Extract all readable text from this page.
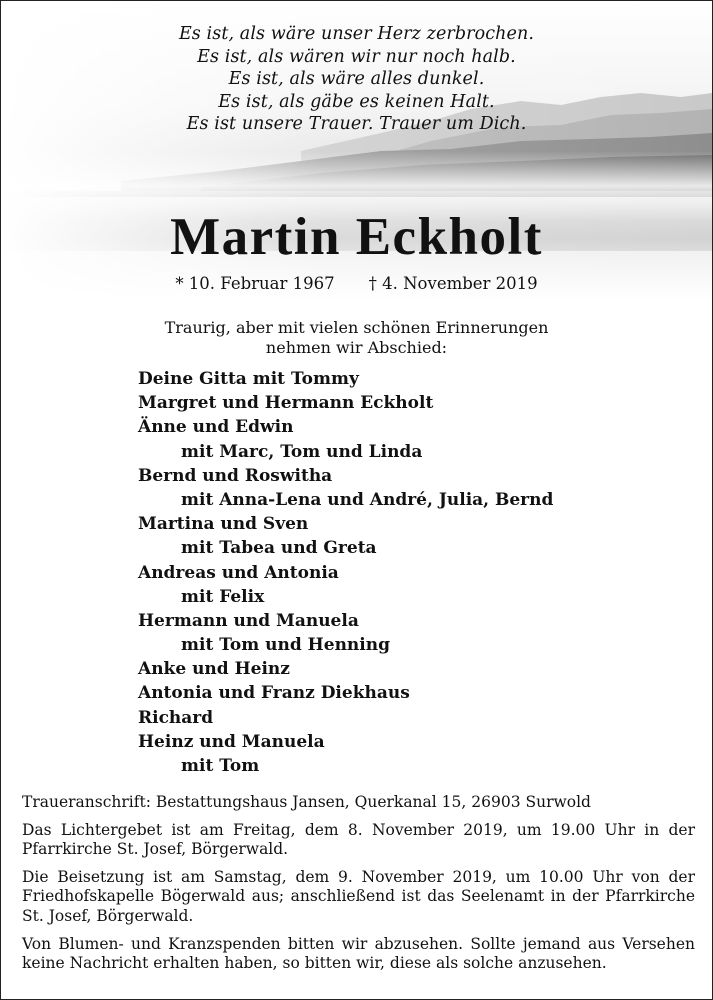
Es ist, als wäre unser Herz zerbrochen.
Es ist, als wären wir nur noch halb.
Es ist, als wäre alles dunkel.
Es ist, als gäbe es keinen Halt.
Es ist unsere Trauer. Trauer um Dich.
Martin Eckholt
* 10. Februar 1967 † 4. November 2019
Traurig, aber mit vielen schönen Erinnerungen
nehmen wir Abschied:
Deine Gitta mit Tommy
Margret und Hermann Eckholt
Änne und Edwin
mit Marc, Tom und Linda
Bernd und Roswitha
mit Anna-Lena und André, Julia, Bernd
Martina und Sven
mit Tabea und Greta
Andreas und Antonia
mit Felix
Hermann und Manuela
mit Tom und Henning
Anke und Heinz
Antonia und Franz Diekhaus
Richard
Heinz und Manuela
mit Tom

Traueranschrift: Bestattungshaus Jansen, Querkanal 15, 26903 Surwold

Das Lichtergebet ist am Freitag, dem 8. November 2019, um 19.00 Uhr in der Pfarrkirche St. Josef, Börgerwald.

Die Beisetzung ist am Samstag, dem 9. November 2019, um 10.00 Uhr von der Friedhofskapelle Bögerwald aus; anschließend ist das Seelenamt in der Pfarrkirche St. Josef, Börgerwald.

Von Blumen- und Kranzspenden bitten wir abzusehen. Sollte jemand aus Versehen keine Nachricht erhalten haben, so bitten wir, diese als solche anzusehen.
